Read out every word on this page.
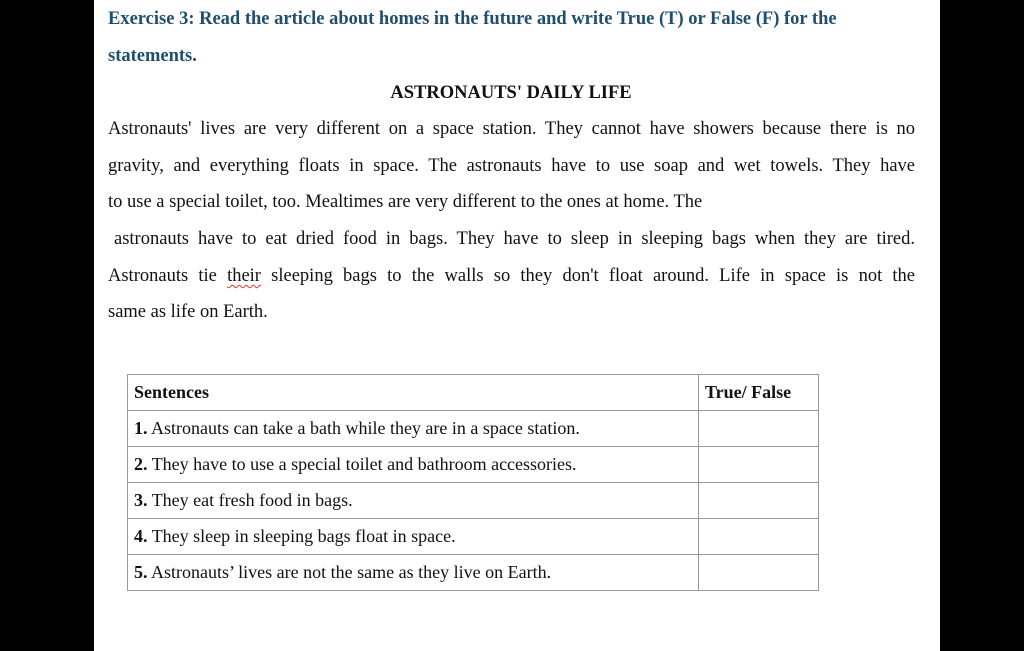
Exercise 3: Read the article about homes in the future and write True (T) or False (F) for the
statements.
ASTRONAUTS' DAILY LIFE
Astronauts' lives are very different on a space station. They cannot have showers because there is no
gravity, and everything floats in space. The astronauts have to use soap and wet towels. They have
to use a special toilet, too. Mealtimes are very different to the ones at home. The
astronauts have to eat dried food in bags. They have to sleep in sleeping bags when they are tired.
Astronauts tie their sleeping bags to the walls so they don't float around. Life in space is not the
same as life on Earth.
Sentences	True/ False
1. Astronauts can take a bath while they are in a space station.	
2. They have to use a special toilet and bathroom accessories.	
3. They eat fresh food in bags.	
4. They sleep in sleeping bags float in space.	
5. Astronauts’ lives are not the same as they live on Earth.	
